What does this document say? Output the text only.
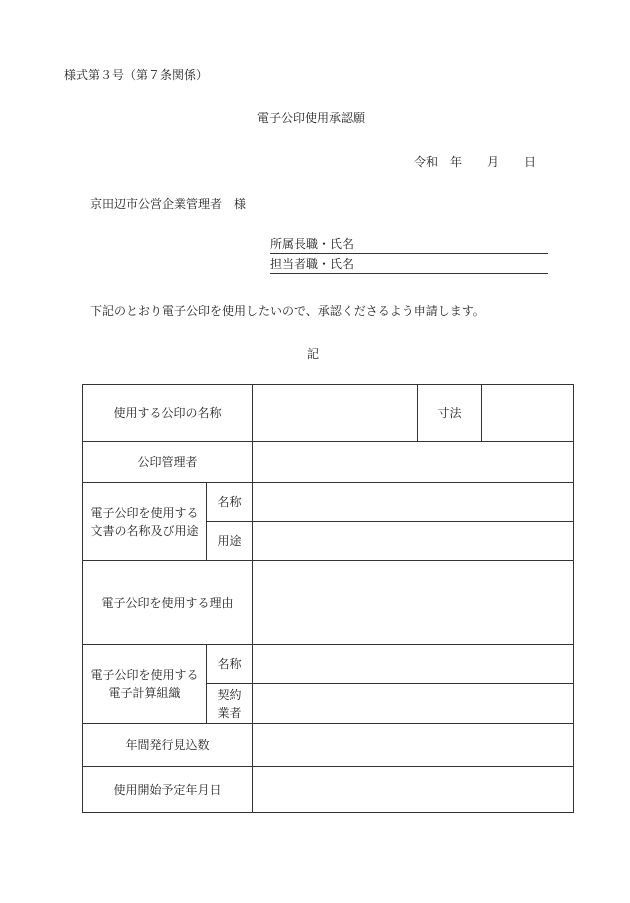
様式第３号（第７条関係）
電子公印使用承認願
令和 年 月 日
京田辺市公営企業管理者　様
所属長職・氏名
担当者職・氏名
下記のとおり電子公印を使用したいので、承認くださるよう申請します。
記
使用する公印の名称			寸法	
公印管理者				
電子公印を使用する
文書の名称及び用途	名称			
	用途			
電子公印を使用する理由				
電子公印を使用する
電子計算組織	名称			
	契約
業者			
年間発行見込数				
使用開始予定年月日				
